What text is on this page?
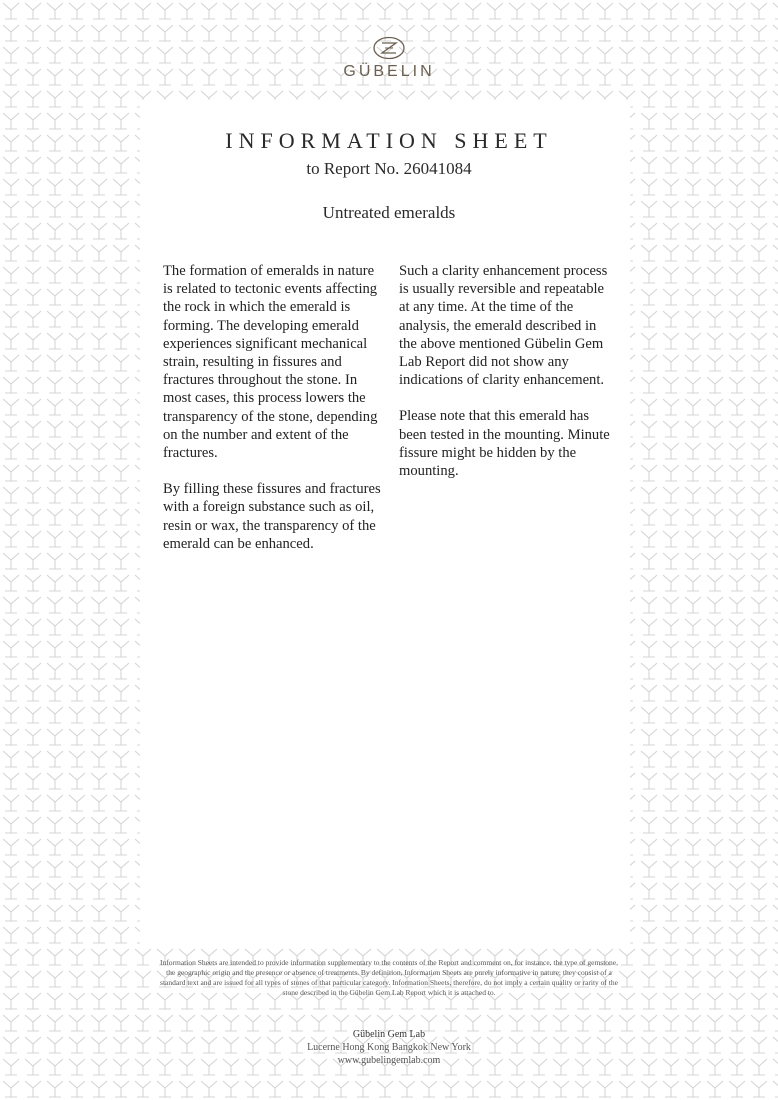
GÜBELIN
INFORMATION SHEET
to Report No. 26041084
Untreated emeralds

The formation of emeralds in nature is related to tectonic events affecting the rock in which the emerald is forming. The developing emerald experiences significant mechanical strain, resulting in fissures and fractures throughout the stone. In most cases, this process lowers the transparency of the stone, depending on the number and extent of the fractures.

By filling these fissures and fractures with a foreign substance such as oil, resin or wax, the transparency of the emerald can be enhanced.

Such a clarity enhancement process is usually reversible and repeatable at any time. At the time of the analysis, the emerald described in the above mentioned Gübelin Gem Lab Report did not show any indications of clarity enhancement.

Please note that this emerald has been tested in the mounting. Minute fissure might be hidden by the mounting.

Information Sheets are intended to provide information supplementary to the contents of the Report and comment on, for instance, the type of gemstone, the geographic origin and the presence or absence of treatments. By definition, Information Sheets are purely informative in nature; they consist of a standard text and are issued for all types of stones of that particular category. Information Sheets, therefore, do not imply a certain quality or rarity of the stone described in the Gübelin Gem Lab Report which it is attached to.
Gübelin Gem Lab
Lucerne Hong Kong Bangkok New York
www.gubelingemlab.com
